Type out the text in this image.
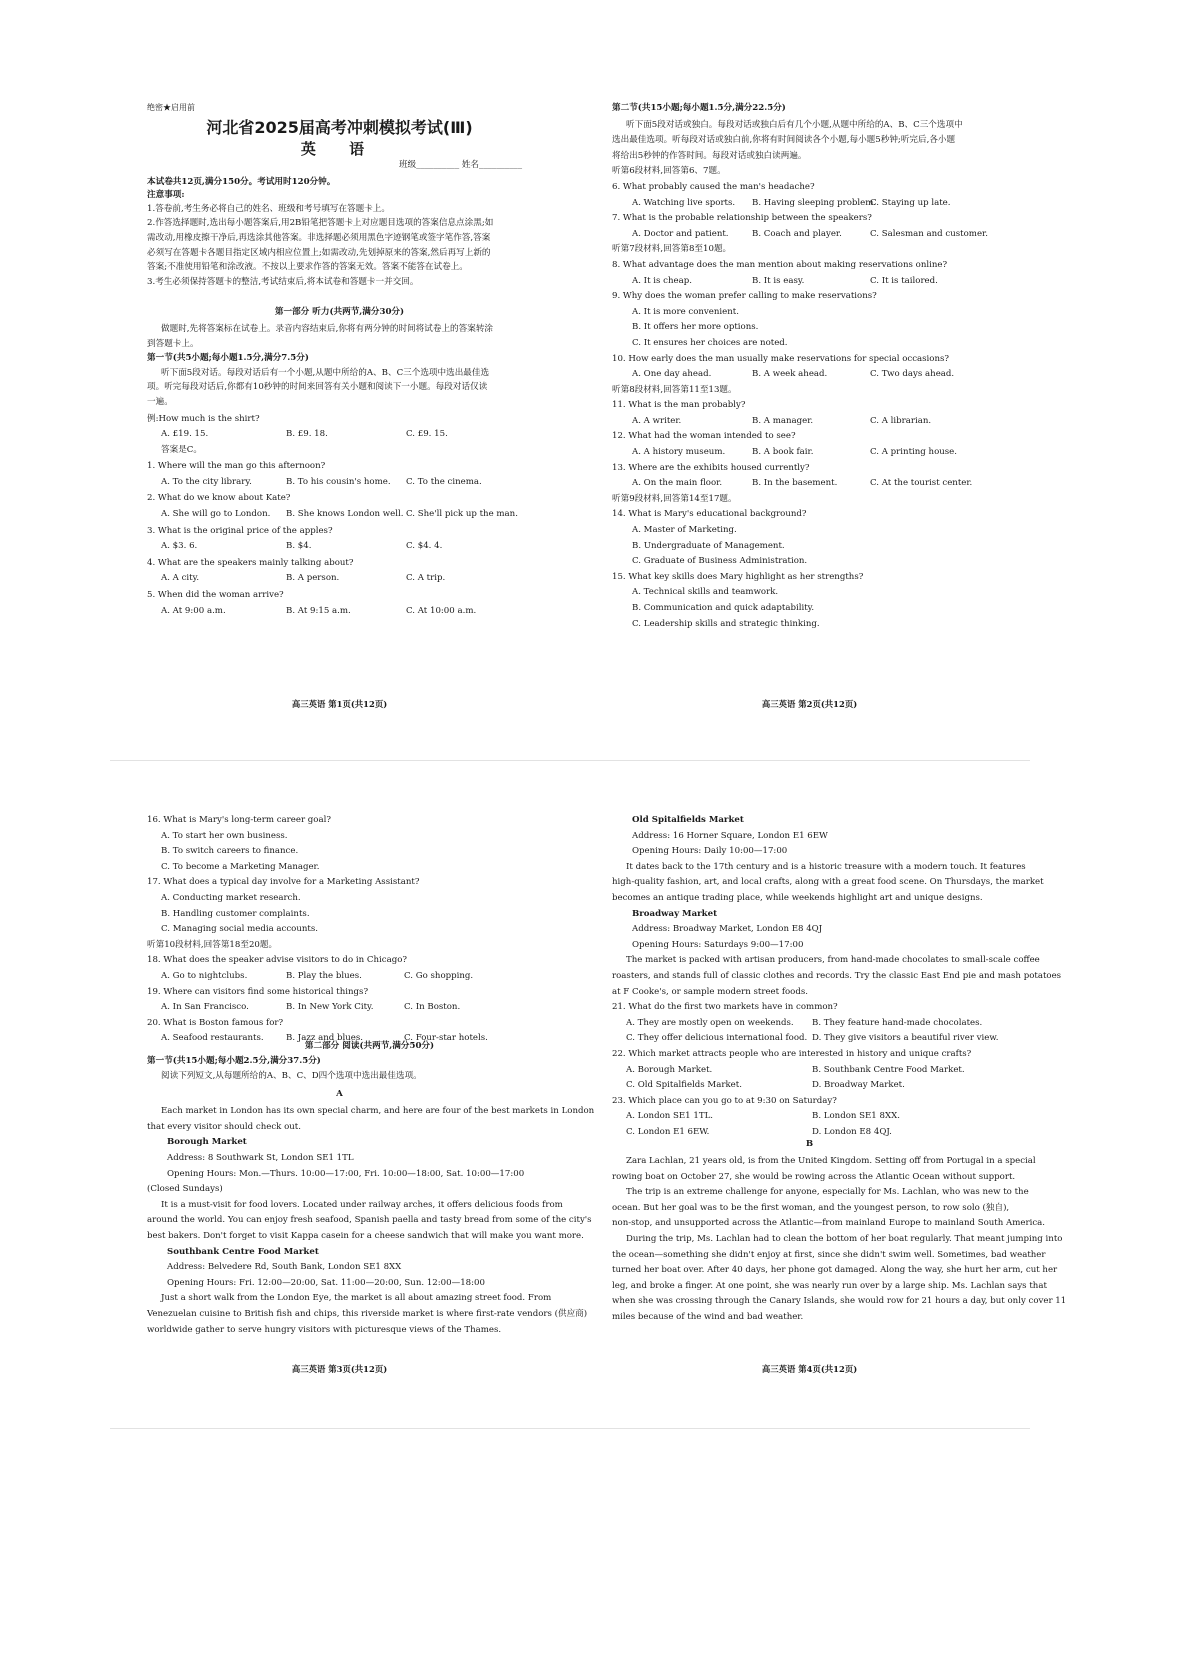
绝密★启用前
河北省2025届高考冲刺模拟考试(Ⅲ)
英 语
班级__________ 姓名__________
本试卷共12页,满分150分。考试用时120分钟。
注意事项:
1.答卷前,考生务必将自己的姓名、班级和考号填写在答题卡上。
2.作答选择题时,选出每小题答案后,用2B铅笔把答题卡上对应题目选项的答案信息点涂黑;如
需改动,用橡皮擦干净后,再选涂其他答案。非选择题必须用黑色字迹钢笔或签字笔作答,答案
必须写在答题卡各题目指定区域内相应位置上;如需改动,先划掉原来的答案,然后再写上新的
答案;不准使用铅笔和涂改液。不按以上要求作答的答案无效。答案不能答在试卷上。
3.考生必须保持答题卡的整洁,考试结束后,将本试卷和答题卡一并交回。
第一部分 听力(共两节,满分30分)
做题时,先将答案标在试卷上。录音内容结束后,你将有两分钟的时间将试卷上的答案转涂
到答题卡上。
第一节(共5小题;每小题1.5分,满分7.5分)
听下面5段对话。每段对话后有一个小题,从题中所给的A、B、C三个选项中选出最佳选
项。听完每段对话后,你都有10秒钟的时间来回答有关小题和阅读下一小题。每段对话仅读
一遍。
例:How much is the shirt?
A. £19. 15.	B. £9. 18.	C. £9. 15.
答案是C。
1. Where will the man go this afternoon?
A. To the city library.	B. To his cousin's home.	C. To the cinema.
2. What do we know about Kate?
A. She will go to London.	B. She knows London well. C. She'll pick up the man.
3. What is the original price of the apples?
A. $3. 6.	B. $4.	C. $4. 4.
4. What are the speakers mainly talking about?
A. A city.	B. A person.	C. A trip.
5. When did the woman arrive?
A. At 9:00 a.m.	B. At 9:15 a.m.	C. At 10:00 a.m.
高三英语 第1页(共12页)
第二节(共15小题;每小题1.5分,满分22.5分)
听下面5段对话或独白。每段对话或独白后有几个小题,从题中所给的A、B、C三个选项中
选出最佳选项。听每段对话或独白前,你将有时间阅读各个小题,每小题5秒钟;听完后,各小题
将给出5秒钟的作答时间。每段对话或独白读两遍。
听第6段材料,回答第6、7题。
6. What probably caused the man's headache?
A. Watching live sports.	B. Having sleeping problem.
C. Staying up late.
7. What is the probable relationship between the speakers?
A. Doctor and patient.	B. Coach and player.	C. Salesman and customer.
听第7段材料,回答第8至10题。
8. What advantage does the man mention about making reservations online?
A. It is cheap.	B. It is easy.	C. It is tailored.
9. Why does the woman prefer calling to make reservations?
A. It is more convenient.
B. It offers her more options.
C. It ensures her choices are noted.
10. How early does the man usually make reservations for special occasions?
A. One day ahead.	B. A week ahead.	C. Two days ahead.
听第8段材料,回答第11至13题。
11. What is the man probably?
A. A writer.	B. A manager.	C. A librarian.
12. What had the woman intended to see?
A. A history museum.	B. A book fair.	C. A printing house.
13. Where are the exhibits housed currently?
A. On the main floor.	B. In the basement.	C. At the tourist center.
听第9段材料,回答第14至17题。
14. What is Mary's educational background?
A. Master of Marketing.
B. Undergraduate of Management.
C. Graduate of Business Administration.
15. What key skills does Mary highlight as her strengths?
A. Technical skills and teamwork.
B. Communication and quick adaptability.
C. Leadership skills and strategic thinking.
高三英语 第2页(共12页)
16. What is Mary's long-term career goal?
A. To start her own business.
B. To switch careers to finance.
C. To become a Marketing Manager.
17. What does a typical day involve for a Marketing Assistant?
A. Conducting market research.
B. Handling customer complaints.
C. Managing social media accounts.
听第10段材料,回答第18至20题。
18. What does the speaker advise visitors to do in Chicago?
A. Go to nightclubs.	B. Play the blues.	C. Go shopping.
19. Where can visitors find some historical things?
A. In San Francisco.	B. In New York City.	C. In Boston.
20. What is Boston famous for?
A. Seafood restaurants.	B. Jazz and blues.	C. Four-star hotels.
第二部分 阅读(共两节,满分50分)
第一节(共15小题;每小题2.5分,满分37.5分)
阅读下列短文,从每题所给的A、B、C、D四个选项中选出最佳选项。
A
Each market in London has its own special charm, and here are four of the best markets in London
that every visitor should check out.
Borough Market
Address: 8 Southwark St, London SE1 1TL
Opening Hours: Mon.—Thurs. 10:00—17:00, Fri. 10:00—18:00, Sat. 10:00—17:00
(Closed Sundays)
It is a must-visit for food lovers. Located under railway arches, it offers delicious foods from
around the world. You can enjoy fresh seafood, Spanish paella and tasty bread from some of the city's
best bakers. Don't forget to visit Kappa casein for a cheese sandwich that will make you want more.
Southbank Centre Food Market
Address: Belvedere Rd, South Bank, London SE1 8XX
Opening Hours: Fri. 12:00—20:00, Sat. 11:00—20:00, Sun. 12:00—18:00
Just a short walk from the London Eye, the market is all about amazing street food. From
Venezuelan cuisine to British fish and chips, this riverside market is where first-rate vendors (供应商)
worldwide gather to serve hungry visitors with picturesque views of the Thames.
高三英语 第3页(共12页)
Old Spitalfields Market
Address: 16 Horner Square, London E1 6EW
Opening Hours: Daily 10:00—17:00
It dates back to the 17th century and is a historic treasure with a modern touch. It features
high-quality fashion, art, and local crafts, along with a great food scene. On Thursdays, the market
becomes an antique trading place, while weekends highlight art and unique designs.
Broadway Market
Address: Broadway Market, London E8 4QJ
Opening Hours: Saturdays 9:00—17:00
The market is packed with artisan producers, from hand-made chocolates to small-scale coffee
roasters, and stands full of classic clothes and records. Try the classic East End pie and mash potatoes
at F Cooke's, or sample modern street foods.
21. What do the first two markets have in common?
A. They are mostly open on weekends.	B. They feature hand-made chocolates.
C. They offer delicious international food. D. They give visitors a beautiful river view.
22. Which market attracts people who are interested in history and unique crafts?
A. Borough Market.	B. Southbank Centre Food Market.
C. Old Spitalfields Market.	D. Broadway Market.
23. Which place can you go to at 9:30 on Saturday?
A. London SE1 1TL.	B. London SE1 8XX.
C. London E1 6EW.	D. London E8 4QJ.
B
Zara Lachlan, 21 years old, is from the United Kingdom. Setting off from Portugal in a special
rowing boat on October 27, she would be rowing across the Atlantic Ocean without support.
The trip is an extreme challenge for anyone, especially for Ms. Lachlan, who was new to the
ocean. But her goal was to be the first woman, and the youngest person, to row solo (独自),
non-stop, and unsupported across the Atlantic—from mainland Europe to mainland South America.
During the trip, Ms. Lachlan had to clean the bottom of her boat regularly. That meant jumping into
the ocean—something she didn't enjoy at first, since she didn't swim well. Sometimes, bad weather
turned her boat over. After 40 days, her phone got damaged. Along the way, she hurt her arm, cut her
leg, and broke a finger. At one point, she was nearly run over by a large ship. Ms. Lachlan says that
when she was crossing through the Canary Islands, she would row for 21 hours a day, but only cover 11
miles because of the wind and bad weather.
高三英语 第4页(共12页)
